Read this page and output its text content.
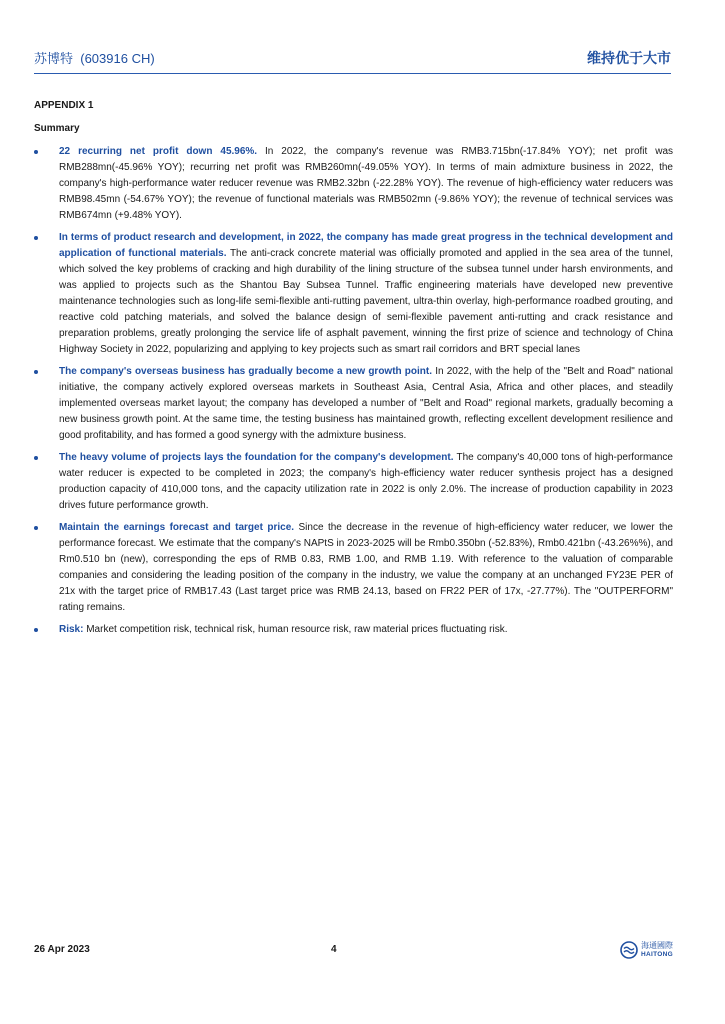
苏博特 (603916 CH)	维持优于大市
APPENDIX 1
Summary
22 recurring net profit down 45.96%. In 2022, the company's revenue was RMB3.715bn(-17.84% YOY); net profit was RMB288mn(-45.96% YOY); recurring net profit was RMB260mn(-49.05% YOY). In terms of main admixture business in 2022, the company's high-performance water reducer revenue was RMB2.32bn (-22.28% YOY). The revenue of high-efficiency water reducers was RMB98.45mn (-54.67% YOY); the revenue of functional materials was RMB502mn (-9.86% YOY); the revenue of technical services was RMB674mn (+9.48% YOY).
In terms of product research and development, in 2022, the company has made great progress in the technical development and application of functional materials. The anti-crack concrete material was officially promoted and applied in the sea area of the tunnel, which solved the key problems of cracking and high durability of the lining structure of the subsea tunnel under harsh environments, and was applied to projects such as the Shantou Bay Subsea Tunnel. Traffic engineering materials have developed new preventive maintenance technologies such as long-life semi-flexible anti-rutting pavement, ultra-thin overlay, high-performance roadbed grouting, and reactive cold patching materials, and solved the balance design of semi-flexible pavement anti-rutting and crack resistance and preparation problems, greatly prolonging the service life of asphalt pavement, winning the first prize of science and technology of China Highway Society in 2022, popularizing and applying to key projects such as smart rail corridors and BRT special lanes
The company's overseas business has gradually become a new growth point. In 2022, with the help of the "Belt and Road" national initiative, the company actively explored overseas markets in Southeast Asia, Central Asia, Africa and other places, and steadily implemented overseas market layout; the company has developed a number of "Belt and Road" regional markets, gradually becoming a new business growth point. At the same time, the testing business has maintained growth, reflecting excellent development resilience and good profitability, and has formed a good synergy with the admixture business.
The heavy volume of projects lays the foundation for the company's development. The company's 40,000 tons of high-performance water reducer is expected to be completed in 2023; the company's high-efficiency water reducer synthesis project has a designed production capacity of 410,000 tons, and the capacity utilization rate in 2022 is only 2.0%. The increase of production capability in 2023 drives future performance growth.
Maintain the earnings forecast and target price. Since the decrease in the revenue of high-efficiency water reducer, we lower the performance forecast. We estimate that the company's NAPtS in 2023-2025 will be Rmb0.350bn (-52.83%), Rmb0.421bn (-43.26%%), and Rm0.510 bn (new), corresponding the eps of RMB 0.83, RMB 1.00, and RMB 1.19. With reference to the valuation of comparable companies and considering the leading position of the company in the industry, we value the company at an unchanged FY23E PER of 21x with the target price of RMB17.43 (Last target price was RMB 24.13, based on FR22 PER of 17x, -27.77%). The "OUTPERFORM" rating remains.
Risk: Market competition risk, technical risk, human resource risk, raw material prices fluctuating risk.
26 Apr 2023	4	海通國際
HAITONG
